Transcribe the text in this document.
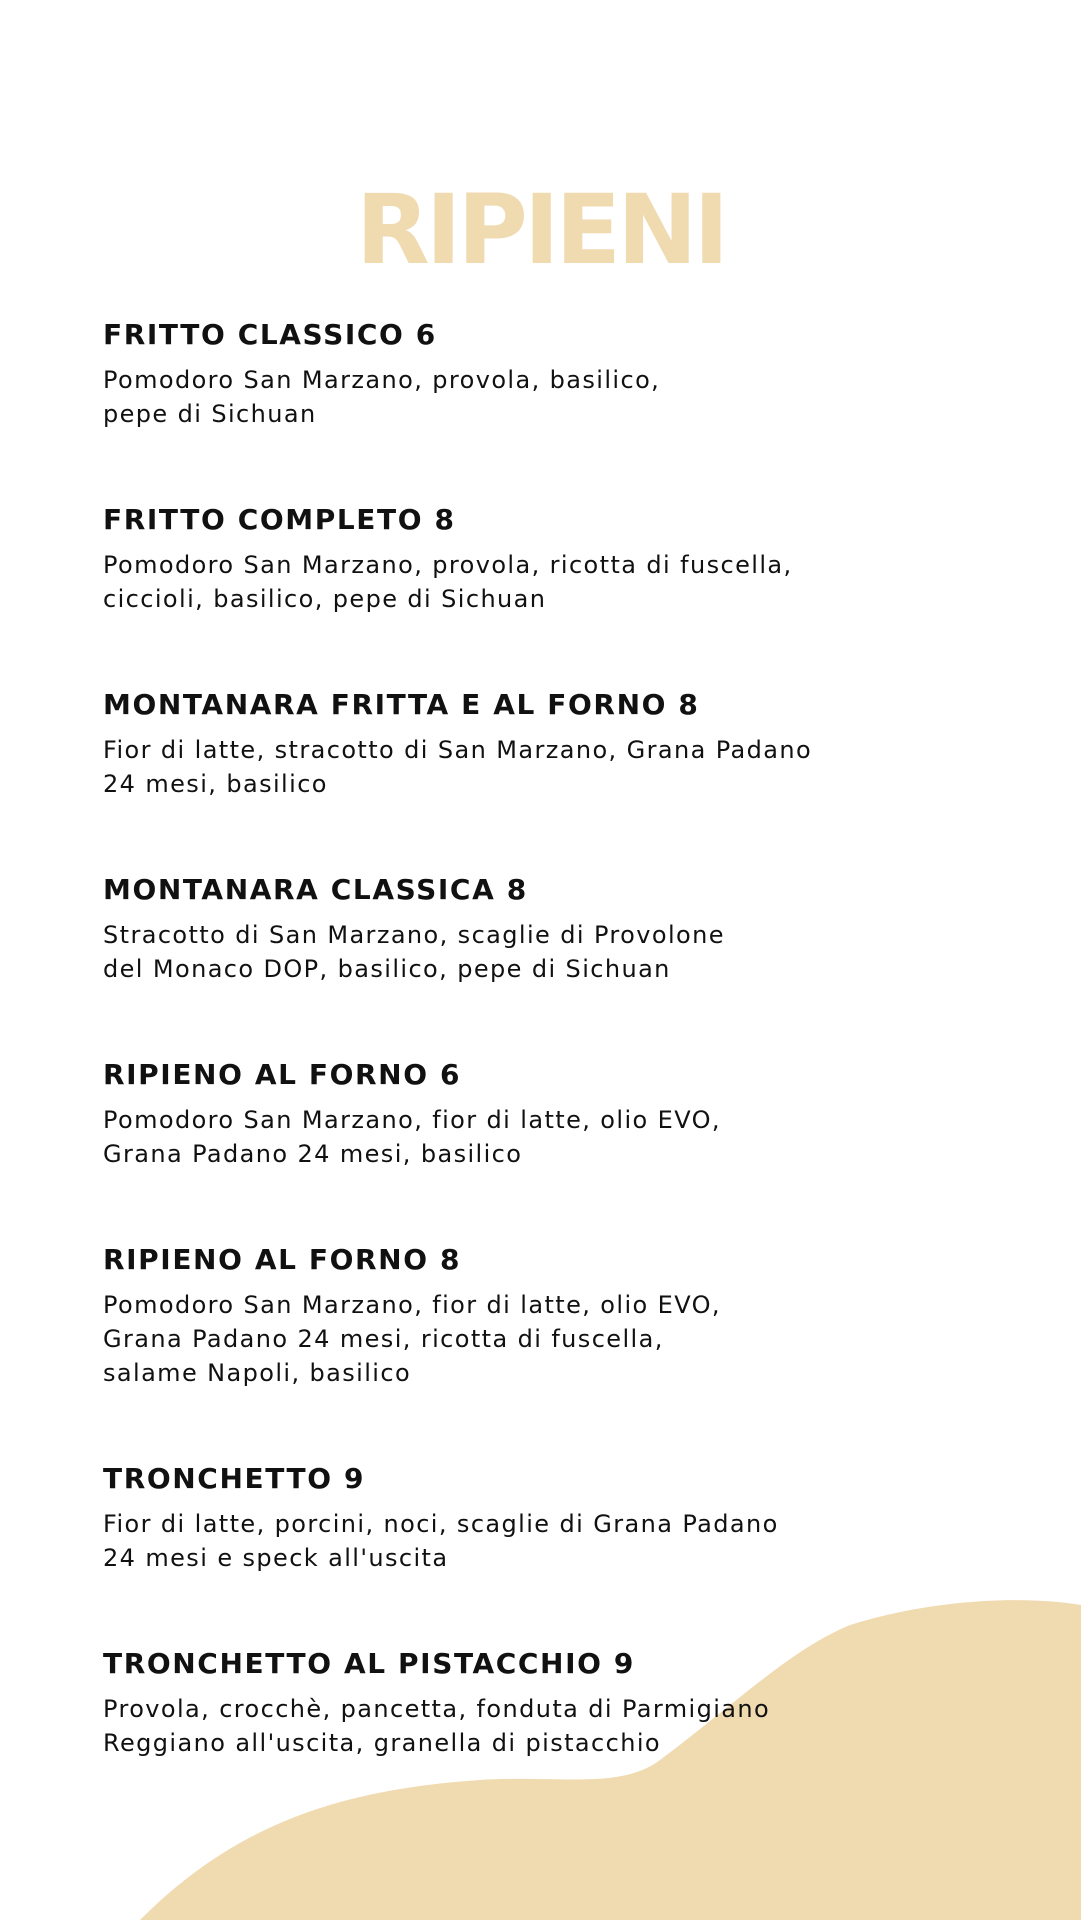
RIPIENI
FRITTO CLASSICO 6

Pomodoro San Marzano, provola, basilico,
pepe di Sichuan

FRITTO COMPLETO 8

Pomodoro San Marzano, provola, ricotta di fuscella,
ciccioli, basilico, pepe di Sichuan

MONTANARA FRITTA E AL FORNO 8

Fior di latte, stracotto di San Marzano, Grana Padano
24 mesi, basilico

MONTANARA CLASSICA 8

Stracotto di San Marzano, scaglie di Provolone
del Monaco DOP, basilico, pepe di Sichuan

RIPIENO AL FORNO 6

Pomodoro San Marzano, fior di latte, olio EVO,
Grana Padano 24 mesi, basilico

RIPIENO AL FORNO 8

Pomodoro San Marzano, fior di latte, olio EVO,
Grana Padano 24 mesi, ricotta di fuscella,
salame Napoli, basilico

TRONCHETTO 9

Fior di latte, porcini, noci, scaglie di Grana Padano
24 mesi e speck all'uscita

TRONCHETTO AL PISTACCHIO 9

Provola, crocchè, pancetta, fonduta di Parmigiano
Reggiano all'uscita, granella di pistacchio
